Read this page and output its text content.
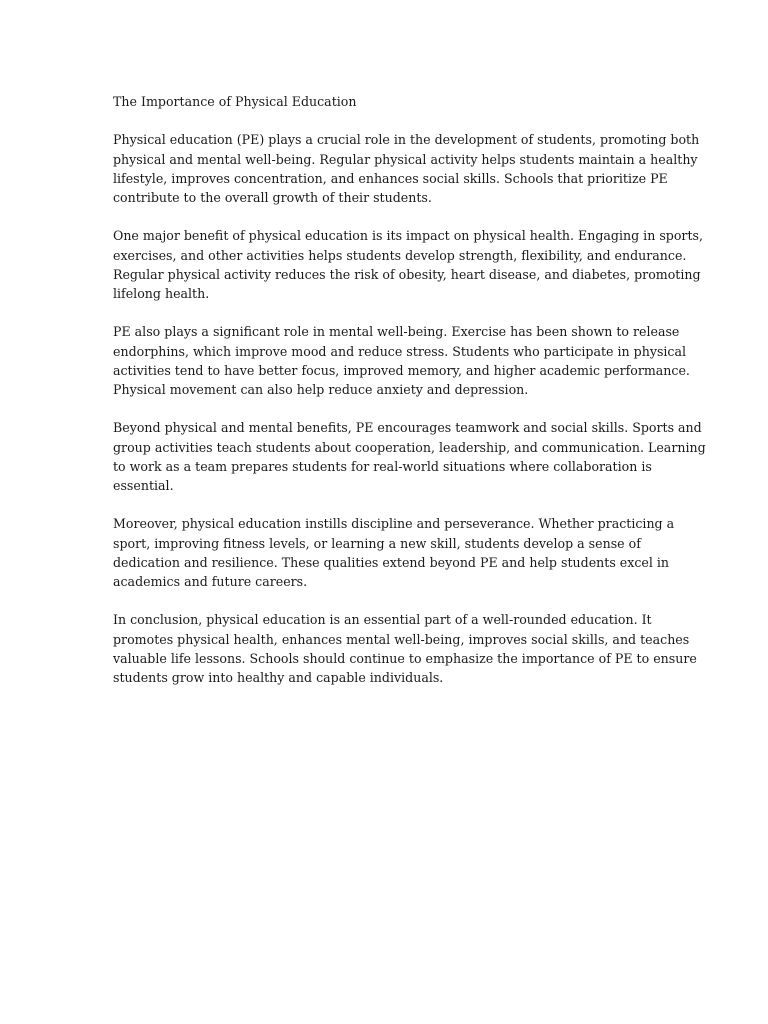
The Importance of Physical Education

Physical education (PE) plays a crucial role in the development of students, promoting both
physical and mental well-being. Regular physical activity helps students maintain a healthy
lifestyle, improves concentration, and enhances social skills. Schools that prioritize PE
contribute to the overall growth of their students.

One major benefit of physical education is its impact on physical health. Engaging in sports,
exercises, and other activities helps students develop strength, flexibility, and endurance.
Regular physical activity reduces the risk of obesity, heart disease, and diabetes, promoting
lifelong health.

PE also plays a significant role in mental well-being. Exercise has been shown to release
endorphins, which improve mood and reduce stress. Students who participate in physical
activities tend to have better focus, improved memory, and higher academic performance.
Physical movement can also help reduce anxiety and depression.

Beyond physical and mental benefits, PE encourages teamwork and social skills. Sports and
group activities teach students about cooperation, leadership, and communication. Learning
to work as a team prepares students for real-world situations where collaboration is
essential.

Moreover, physical education instills discipline and perseverance. Whether practicing a
sport, improving fitness levels, or learning a new skill, students develop a sense of
dedication and resilience. These qualities extend beyond PE and help students excel in
academics and future careers.

In conclusion, physical education is an essential part of a well-rounded education. It
promotes physical health, enhances mental well-being, improves social skills, and teaches
valuable life lessons. Schools should continue to emphasize the importance of PE to ensure
students grow into healthy and capable individuals.
